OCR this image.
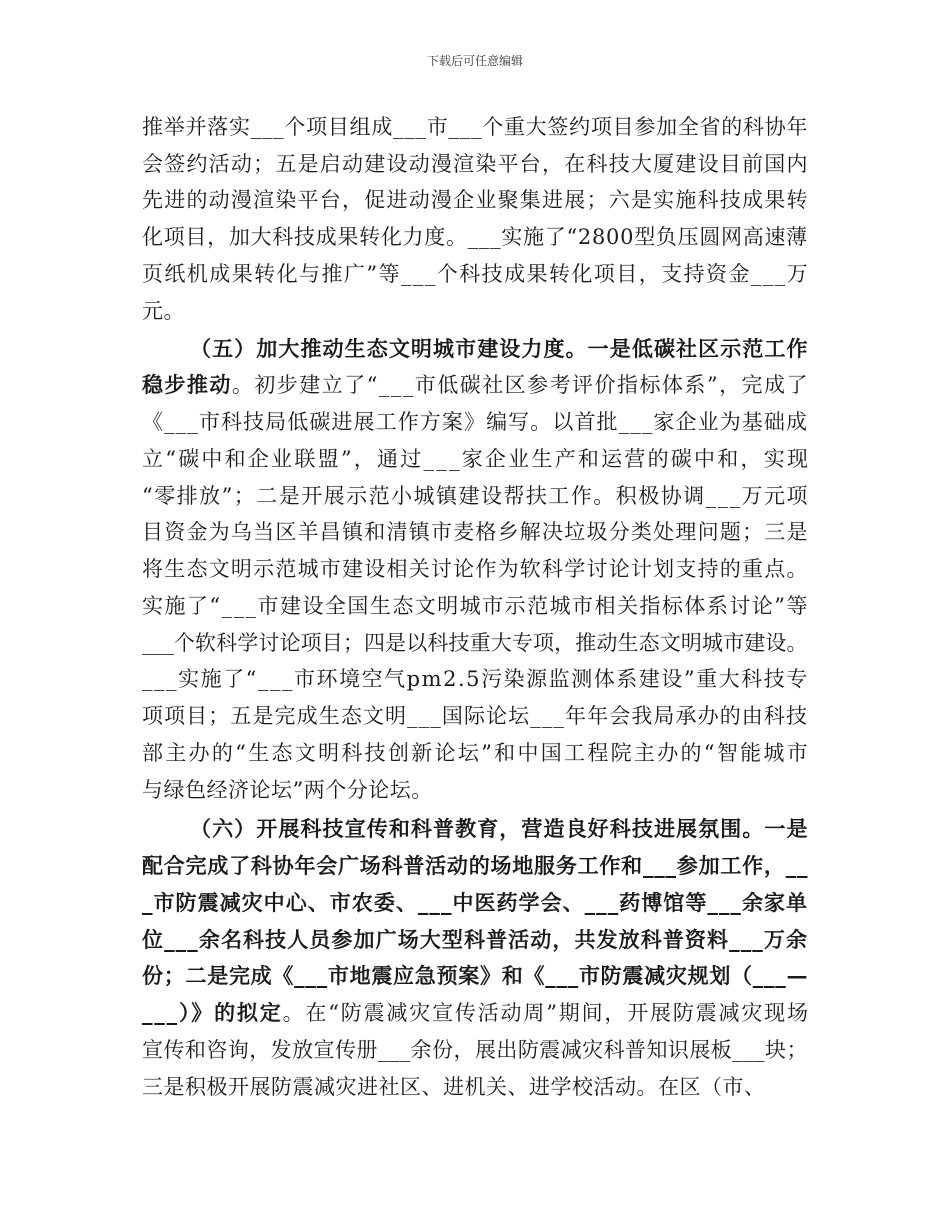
下载后可任意编辑
推举并落实___个项目组成___市___个重大签约项目参加全省的科协年
会签约活动；五是启动建设动漫渲染平台，在科技大厦建设目前国内
先进的动漫渲染平台，促进动漫企业聚集进展；六是实施科技成果转
化项目，加大科技成果转化力度。___实施了“2800型负压圆网高速薄
页纸机成果转化与推广”等___个科技成果转化项目，支持资金___万
元。
（五）加大推动生态文明城市建设力度。一是低碳社区示范工作
稳步推动。初步建立了“___市低碳社区参考评价指标体系”，完成了
《___市科技局低碳进展工作方案》编写。以首批___家企业为基础成
立“碳中和企业联盟”，通过___家企业生产和运营的碳中和，实现
“零排放”；二是开展示范小城镇建设帮扶工作。积极协调___万元项
目资金为乌当区羊昌镇和清镇市麦格乡解决垃圾分类处理问题；三是
将生态文明示范城市建设相关讨论作为软科学讨论计划支持的重点。
实施了“___市建设全国生态文明城市示范城市相关指标体系讨论”等
___个软科学讨论项目；四是以科技重大专项，推动生态文明城市建设。
___实施了“___市环境空气pm2.5污染源监测体系建设”重大科技专
项项目；五是完成生态文明___国际论坛___年年会我局承办的由科技
部主办的“生态文明科技创新论坛”和中国工程院主办的“智能城市
与绿色经济论坛”两个分论坛。
（六）开展科技宣传和科普教育，营造良好科技进展氛围。一是
配合完成了科协年会广场科普活动的场地服务工作和___参加工作，__
_市防震减灾中心、市农委、___中医药学会、___药博馆等___余家单
位___余名科技人员参加广场大型科普活动，共发放科普资料___万余
份；二是完成《___市地震应急预案》和《___市防震减灾规划（___—
___）》的拟定。在“防震减灾宣传活动周”期间，开展防震减灾现场
宣传和咨询，发放宣传册___余份，展出防震减灾科普知识展板___块；
三是积极开展防震减灾进社区、进机关、进学校活动。在区（市、
